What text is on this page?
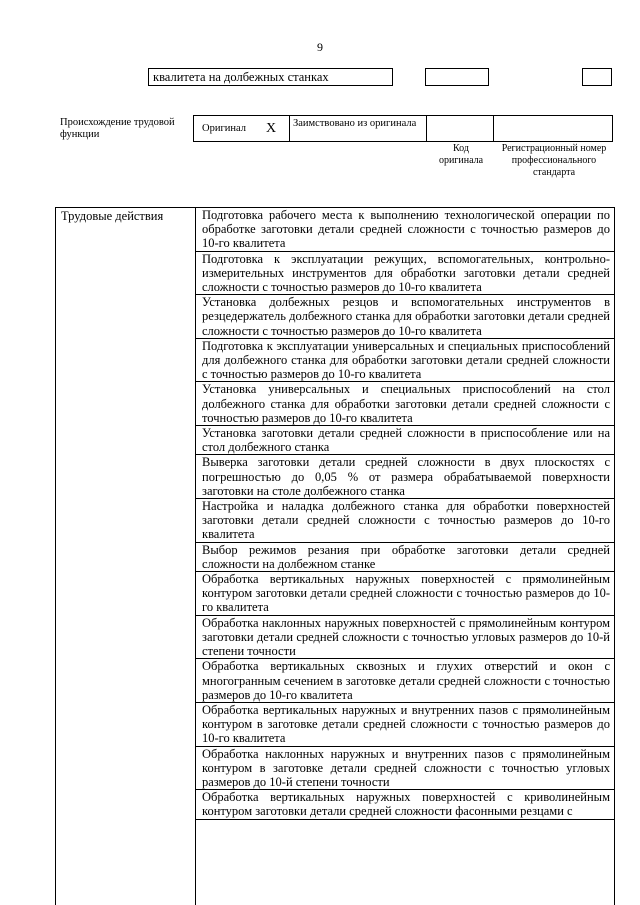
9
квалитета на долбежных станках
Происхождение трудовой функции
Оригинал X Заимствовано из оригинала
Код оригинала
Регистрационный номер профессионального стандарта
Трудовые действия	Подготовка рабочего места к выполнению технологической операции по обработке заготовки детали средней сложности с точностью размеров до 10-го квалитета

Подготовка к эксплуатации режущих, вспомогательных, контрольно-измерительных инструментов для обработки заготовки детали средней сложности с точностью размеров до 10-го квалитета

Установка долбежных резцов и вспомогательных инструментов в резцедержатель долбежного станка для обработки заготовки детали средней сложности с точностью размеров до 10-го квалитета

Подготовка к эксплуатации универсальных и специальных приспособлений для долбежного станка для обработки заготовки детали средней сложности с точностью размеров до 10-го квалитета

Установка универсальных и специальных приспособлений на стол долбежного станка для обработки заготовки детали средней сложности с точностью размеров до 10-го квалитета

Установка заготовки детали средней сложности в приспособление или на стол долбежного станка

Выверка заготовки детали средней сложности в двух плоскостях с погрешностью до 0,05 % от размера обрабатываемой поверхности заготовки на столе долбежного станка

Настройка и наладка долбежного станка для обработки поверхностей заготовки детали средней сложности с точностью размеров до 10-го квалитета

Выбор режимов резания при обработке заготовки детали средней сложности на долбежном станке

Обработка вертикальных наружных поверхностей с прямолинейным контуром заготовки детали средней сложности с точностью размеров до 10-го квалитета

Обработка наклонных наружных поверхностей с прямолинейным контуром заготовки детали средней сложности с точностью угловых размеров до 10-й степени точности

Обработка вертикальных сквозных и глухих отверстий и окон с многогранным сечением в заготовке детали средней сложности с точностью размеров до 10-го квалитета

Обработка вертикальных наружных и внутренних пазов с прямолинейным контуром в заготовке детали средней сложности с точностью размеров до 10-го квалитета

Обработка наклонных наружных и внутренних пазов с прямолинейным контуром в заготовке детали средней сложности с точностью угловых размеров до 10-й степени точности

Обработка вертикальных наружных поверхностей с криволинейным контуром заготовки детали средней сложности фасонными резцами с
